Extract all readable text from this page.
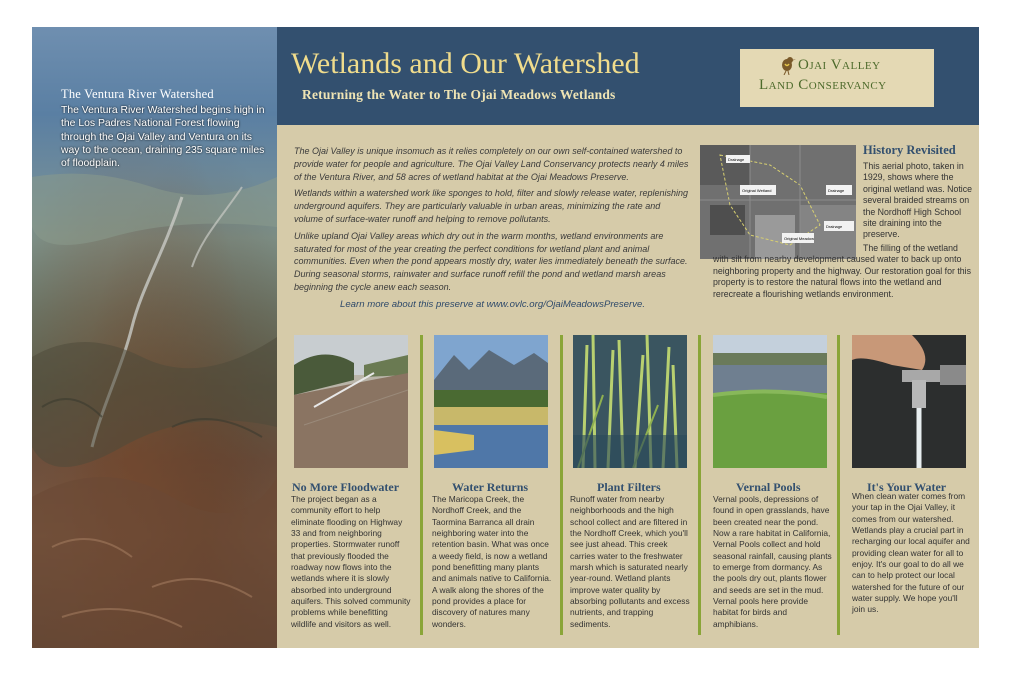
The Ventura River Watershed
The Ventura River Watershed begins high in the Los Padres National Forest flowing through the Ojai Valley and Ventura on its way to the ocean, draining 235 square miles of floodplain.
Wetlands and Our Watershed
Returning the Water to The Ojai Meadows Wetlands
Ojai Valley
Land Conservancy

The Ojai Valley is unique insomuch as it relies completely on our own self-contained watershed to provide water for people and agriculture. The Ojai Valley Land Conservancy protects nearly 4 miles of the Ventura River, and 58 acres of wetland habitat at the Ojai Meadows Preserve.

Wetlands within a watershed work like sponges to hold, filter and slowly release water, replenishing underground aquifers. They are particularly valuable in urban areas, minimizing the rate and volume of surface-water runoff and helping to remove pollutants.

Unlike upland Ojai Valley areas which dry out in the warm months, wetland environments are saturated for most of the year creating the perfect conditions for wetland plant and animal communities. Even when the pond appears mostly dry, water lies immediately beneath the surface. During seasonal storms, rainwater and surface runoff refill the pond and wetland marsh areas beginning the cycle anew each season.

Learn more about this preserve at www.ovlc.org/OjaiMeadowsPreserve.
Drainage
Original Wetland	Drainage
Drainage
Original Meadow
History Revisited
This aerial photo, taken in 1929, shows where the original wetland was. Notice several braided streams on the Nordhoff High School site draining into the preserve.
The filling of the wetland with silt from nearby development caused water to back up onto neighboring property and the highway. Our restoration goal for this property is to restore the natural flows into the wetland and rerecreate a flourishing wetlands environment.
No More Floodwater
The project began as a community effort to help eliminate flooding on Highway 33 and from neighboring properties. Stormwater runoff that previously flooded the roadway now flows into the wetlands where it is slowly absorbed into underground aquifers. This solved community problems while benefitting wildlife and visitors as well.
Water Returns
The Maricopa Creek, the Nordhoff Creek, and the Taormina Barranca all drain neighboring water into the retention basin. What was once a weedy field, is now a wetland pond benefitting many plants and animals native to California. A walk along the shores of the pond provides a place for discovery of natures many wonders.
Plant Filters
Runoff water from nearby neighborhoods and the high school collect and are filtered in the Nordhoff Creek, which you'll see just ahead. This creek carries water to the freshwater marsh which is saturated nearly year-round. Wetland plants improve water quality by absorbing pollutants and excess nutrients, and trapping sediments.
Vernal Pools
Vernal pools, depressions of found in open grasslands, have been created near the pond. Now a rare habitat in California, Vernal Pools collect and hold seasonal rainfall, causing plants to emerge from dormancy. As the pools dry out, plants flower and seeds are set in the mud. Vernal pools here provide habitat for birds and amphibians.
It's Your Water
When clean water comes from your tap in the Ojai Valley, it comes from our watershed. Wetlands play a crucial part in recharging our local aquifer and providing clean water for all to enjoy. It's our goal to do all we can to help protect our local watershed for the future of our water supply. We hope you'll join us.
